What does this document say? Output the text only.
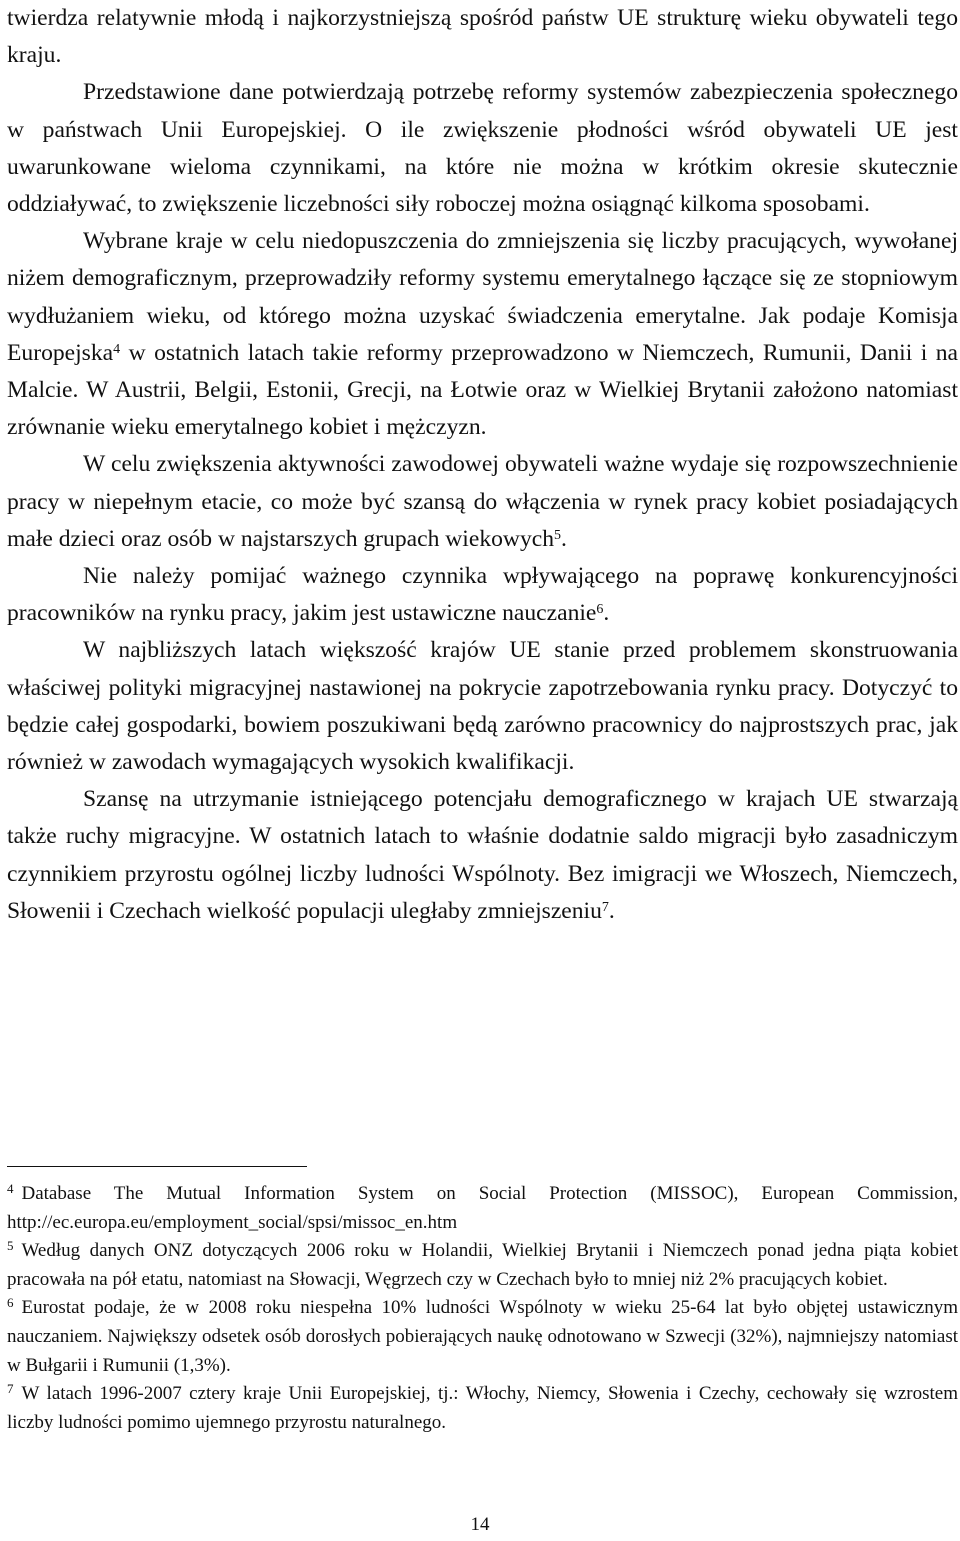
twierdza relatywnie młodą i najkorzystniejszą spośród państw UE strukturę wieku obywateli tego kraju.

Przedstawione dane potwierdzają potrzebę reformy systemów zabezpieczenia społecznego w państwach Unii Europejskiej. O ile zwiększenie płodności wśród obywateli UE jest uwarunkowane wieloma czynnikami, na które nie można w krótkim okresie skutecznie oddziaływać, to zwiększenie liczebności siły roboczej można osiągnąć kilkoma sposobami.

Wybrane kraje w celu niedopuszczenia do zmniejszenia się liczby pracujących, wywołanej niżem demograficznym, przeprowadziły reformy systemu emerytalnego łączące się ze stopniowym wydłużaniem wieku, od którego można uzyskać świadczenia emerytalne. Jak podaje Komisja Europejska$^4$ w ostatnich latach takie reformy przeprowadzono w Niemczech, Rumunii, Danii i na Malcie. W Austrii, Belgii, Estonii, Grecji, na Łotwie oraz w Wielkiej Brytanii założono natomiast zrównanie wieku emerytalnego kobiet i mężczyzn.

W celu zwiększenia aktywności zawodowej obywateli ważne wydaje się rozpowszechnienie pracy w niepełnym etacie, co może być szansą do włączenia w rynek pracy kobiet posiadających małe dzieci oraz osób w najstarszych grupach wiekowych$^5$.

Nie należy pomijać ważnego czynnika wpływającego na poprawę konkurencyjności pracowników na rynku pracy, jakim jest ustawiczne nauczanie$^6$.

W najbliższych latach większość krajów UE stanie przed problemem skonstruowania właściwej polityki migracyjnej nastawionej na pokrycie zapotrzebowania rynku pracy. Dotyczyć to będzie całej gospodarki, bowiem poszukiwani będą zarówno pracownicy do najprostszych prac, jak również w zawodach wymagających wysokich kwalifikacji.

Szansę na utrzymanie istniejącego potencjału demograficznego w krajach UE stwarzają także ruchy migracyjne. W ostatnich latach to właśnie dodatnie saldo migracji było zasadniczym czynnikiem przyrostu ogólnej liczby ludności Wspólnoty. Bez imigracji we Włoszech, Niemczech, Słowenii i Czechach wielkość populacji uległaby zmniejszeniu$^7$.

$^4$ Database The Mutual Information System on Social Protection (MISSOC), European Commission, http://ec.europa.eu/employment_social/spsi/missoc_en.htm

$^5$ Według danych ONZ dotyczących 2006 roku w Holandii, Wielkiej Brytanii i Niemczech ponad jedna piąta kobiet pracowała na pół etatu, natomiast na Słowacji, Węgrzech czy w Czechach było to mniej niż 2% pracujących kobiet.

$^6$ Eurostat podaje, że w 2008 roku niespełna 10% ludności Wspólnoty w wieku 25-64 lat było objętej ustawicznym nauczaniem. Największy odsetek osób dorosłych pobierających naukę odnotowano w Szwecji (32%), najmniejszy natomiast w Bułgarii i Rumunii (1,3%).

$^7$ W latach 1996-2007 cztery kraje Unii Europejskiej, tj.: Włochy, Niemcy, Słowenia i Czechy, cechowały się wzrostem liczby ludności pomimo ujemnego przyrostu naturalnego.

14
